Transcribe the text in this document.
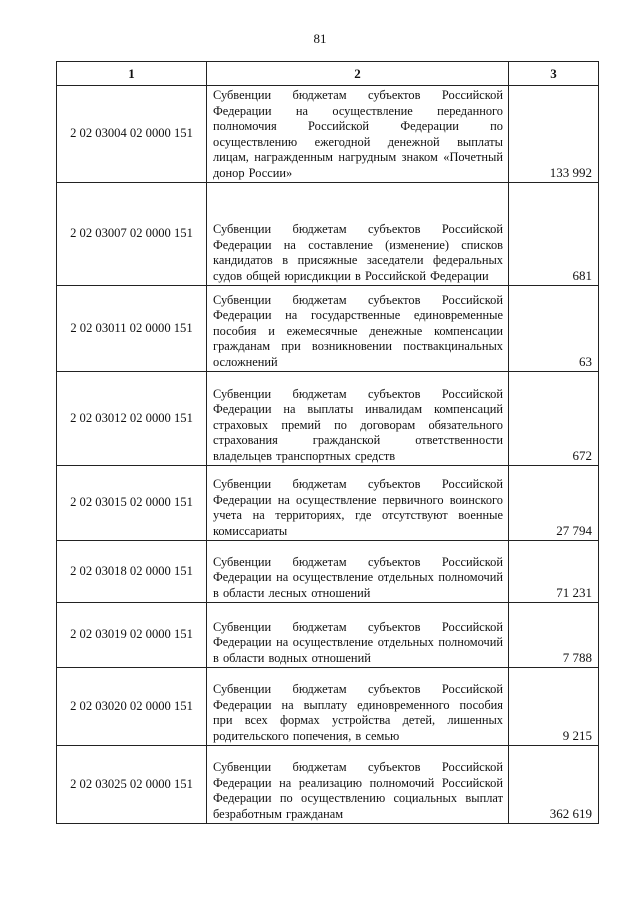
81
1	2	3
2 02 03004 02 0000 151	Субвенции бюджетам субъектов Российской Федерации на осуществление переданного полномочия Российской Федерации по осуществлению ежегодной денежной выплаты лицам, награжденным нагрудным знаком «Почетный донор России»	133 992
2 02 03007 02 0000 151	Субвенции бюджетам субъектов Российской Федерации на составление (изменение) списков кандидатов в присяжные заседатели федеральных судов общей юрисдикции в Российской Федерации	681
2 02 03011 02 0000 151	Субвенции бюджетам субъектов Российской Федерации на государственные единовременные пособия и ежемесячные денежные компенсации гражданам при возникновении поствакцинальных осложнений	63
2 02 03012 02 0000 151	Субвенции бюджетам субъектов Российской Федерации на выплаты инвалидам компенсаций страховых премий по договорам обязательного страхования гражданской ответственности владельцев транспортных средств	672
2 02 03015 02 0000 151	Субвенции бюджетам субъектов Российской Федерации на осуществление первичного воинского учета на территориях, где отсутствуют военные комиссариаты	27 794
2 02 03018 02 0000 151	Субвенции бюджетам субъектов Российской Федерации на осуществление отдельных полномочий в области лесных отношений	71 231
2 02 03019 02 0000 151	Субвенции бюджетам субъектов Российской Федерации на осуществление отдельных полномочий в области водных отношений	7 788
2 02 03020 02 0000 151	Субвенции бюджетам субъектов Российской Федерации на выплату единовременного пособия при всех формах устройства детей, лишенных родительского попечения, в семью	9 215
2 02 03025 02 0000 151	Субвенции бюджетам субъектов Российской Федерации на реализацию полномочий Российской Федерации по осуществлению социальных выплат безработным гражданам	362 619
